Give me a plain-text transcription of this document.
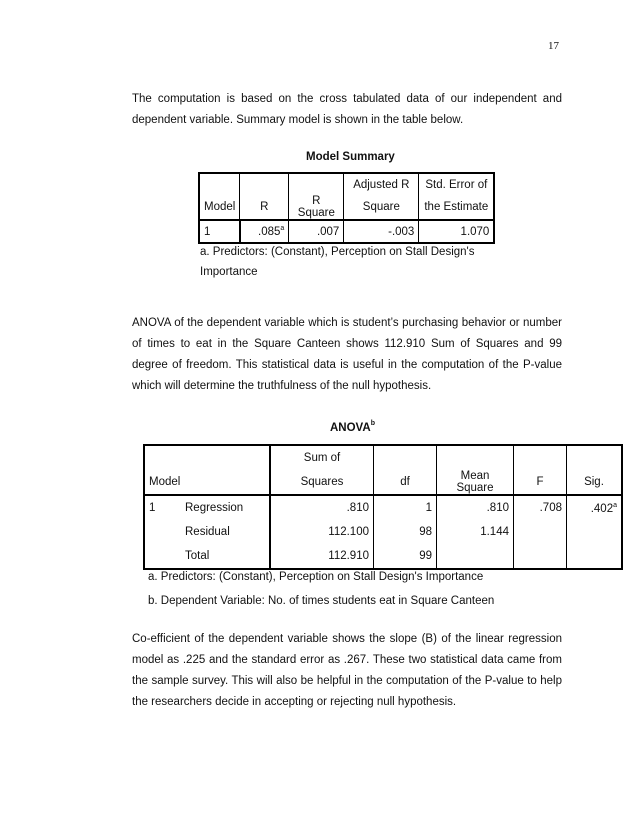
17

The computation is based on the cross tabulated data of our independent and dependent variable. Summary model is shown in the table below.

Model Summary
			Adjusted R	Std. Error of
Model	R	R Square	Square	the Estimate
1	.085$^a$	.007	-.003	1.070
a. Predictors: (Constant), Perception on Stall Design's Importance

ANOVA of the dependent variable which is student’s purchasing behavior or number of times to eat in the Square Canteen shows 112.910 Sum of Squares and 99 degree of freedom. This statistical data is useful in the computation of the P-value which will determine the truthfulness of the null hypothesis.

ANOVA$^b$
		Sum of				
Model		Squares	df	Mean Square	F	Sig.
1	Regression	.810	1	.810	.708	.402$^a$
	Residual	112.100	98	1.144		
	Total	112.910	99			
a. Predictors: (Constant), Perception on Stall Design's Importance
b. Dependent Variable: No. of times students eat in Square Canteen

Co-efficient of the dependent variable shows the slope (B) of the linear regression model as .225 and the standard error as .267. These two statistical data came from the sample survey. This will also be helpful in the computation of the P-value to help the researchers decide in accepting or rejecting null hypothesis.
